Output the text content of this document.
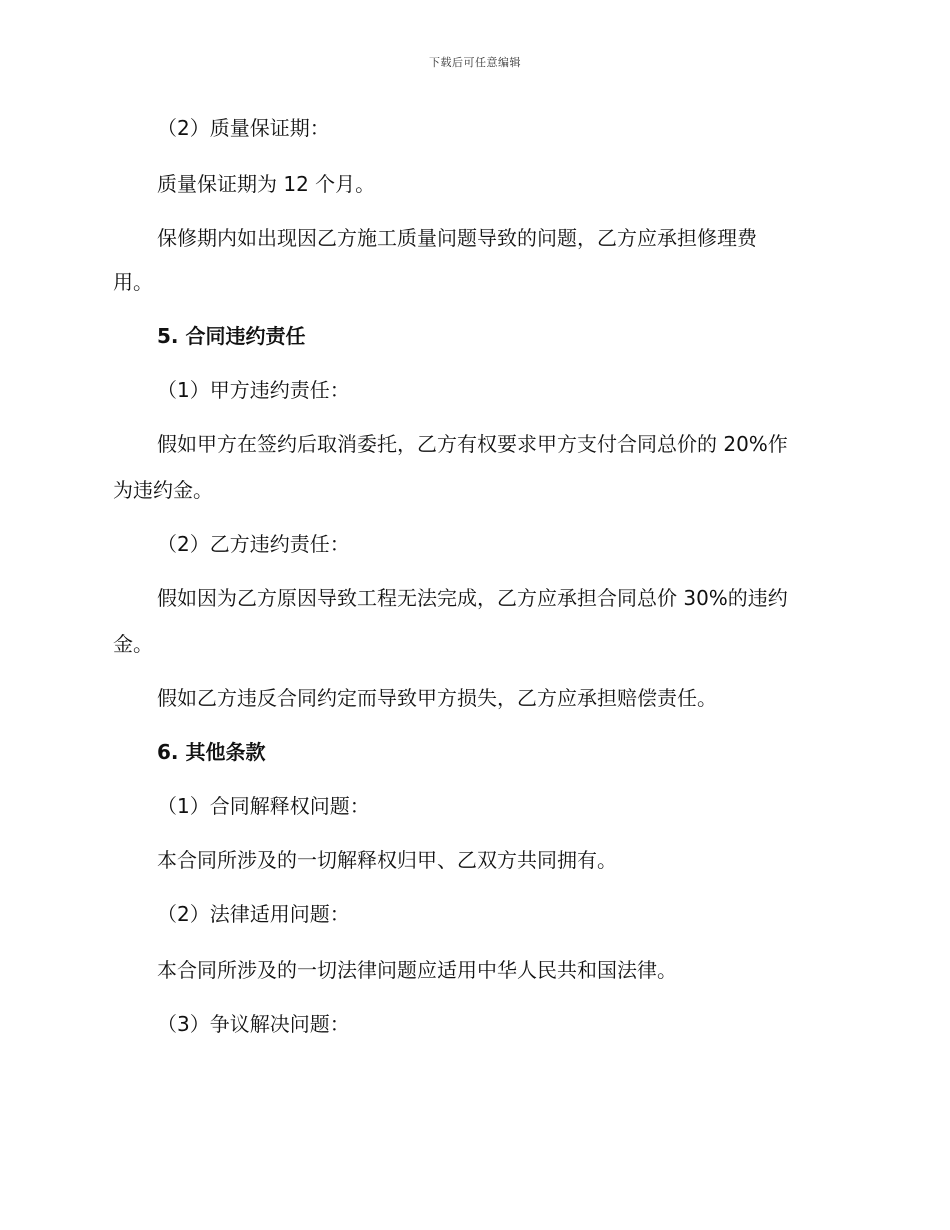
下载后可任意编辑
（2）质量保证期：
质量保证期为 12 个月。
保修期内如出现因乙方施工质量问题导致的问题，乙方应承担修理费
用。
5. 合同违约责任
（1）甲方违约责任：
假如甲方在签约后取消委托，乙方有权要求甲方支付合同总价的 20%作
为违约金。
（2）乙方违约责任：
假如因为乙方原因导致工程无法完成，乙方应承担合同总价 30%的违约
金。
假如乙方违反合同约定而导致甲方损失，乙方应承担赔偿责任。
6. 其他条款
（1）合同解释权问题：
本合同所涉及的一切解释权归甲、乙双方共同拥有。
（2）法律适用问题：
本合同所涉及的一切法律问题应适用中华人民共和国法律。
（3）争议解决问题：
